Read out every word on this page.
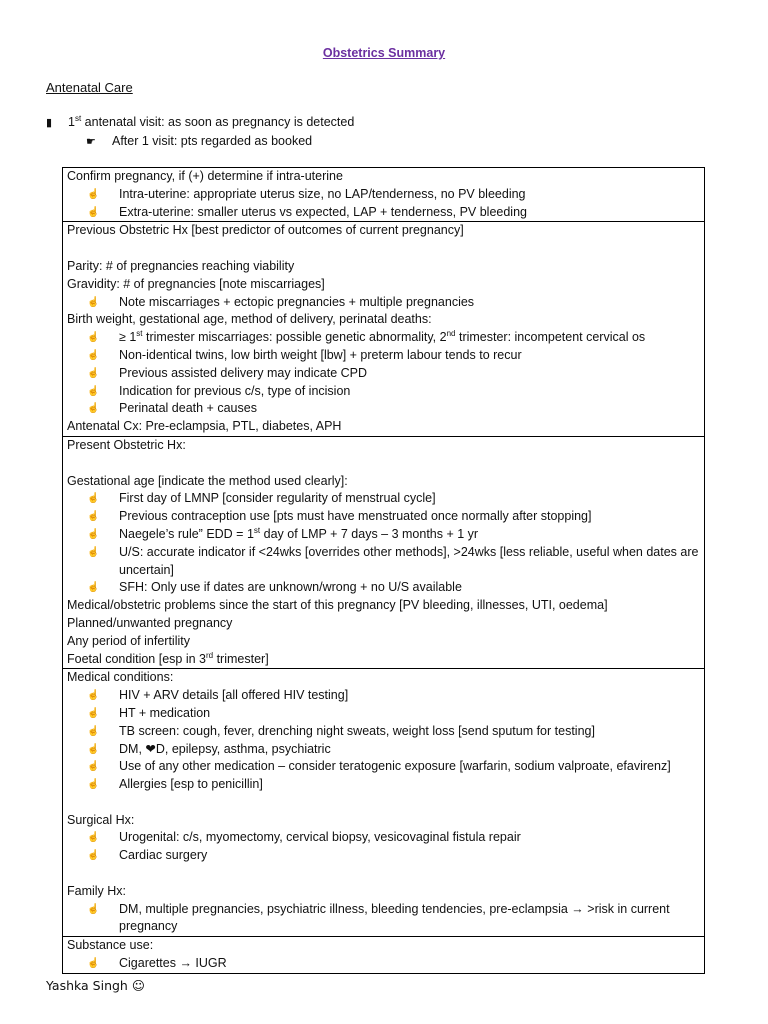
Obstetrics Summary
Antenatal Care
▮ 1st antenatal visit: as soon as pregnancy is detected
☛ After 1 visit: pts regarded as booked
Confirm pregnancy, if (+) determine if intra-uterine
☝	Intra-uterine: appropriate uterus size, no LAP/tenderness, no PV bleeding
☝	Extra-uterine: smaller uterus vs expected, LAP + tenderness, PV bleeding

Previous Obstetric Hx [best predictor of outcomes of current pregnancy]
Parity: # of pregnancies reaching viability
Gravidity: # of pregnancies [note miscarriages]
☝	Note miscarriages + ectopic pregnancies + multiple pregnancies
Birth weight, gestational age, method of delivery, perinatal deaths:
☝	≥ 1st trimester miscarriages: possible genetic abnormality, 2nd trimester: incompetent cervical os
☝	Non-identical twins, low birth weight [lbw] + preterm labour tends to recur
☝	Previous assisted delivery may indicate CPD
☝	Indication for previous c/s, type of incision
☝	Perinatal death + causes
Antenatal Cx: Pre-eclampsia, PTL, diabetes, APH

Present Obstetric Hx:
Gestational age [indicate the method used clearly]:
☝	First day of LMNP [consider regularity of menstrual cycle]
☝	Previous contraception use [pts must have menstruated once normally after stopping]
☝	Naegele’s rule” EDD = 1st day of LMP + 7 days – 3 months + 1 yr
☝	U/S: accurate indicator if <24wks [overrides other methods], >24wks [less reliable, useful when dates are uncertain]
☝	SFH: Only use if dates are unknown/wrong + no U/S available
Medical/obstetric problems since the start of this pregnancy [PV bleeding, illnesses, UTI, oedema]
Planned/unwanted pregnancy
Any period of infertility
Foetal condition [esp in 3rd trimester]

Medical conditions:
☝	HIV + ARV details [all offered HIV testing]
☝	HT + medication
☝	TB screen: cough, fever, drenching night sweats, weight loss [send sputum for testing]
☝	DM, ❤D, epilepsy, asthma, psychiatric
☝	Use of any other medication – consider teratogenic exposure [warfarin, sodium valproate, efavirenz]
☝	Allergies [esp to penicillin]
Surgical Hx:
☝	Urogenital: c/s, myomectomy, cervical biopsy, vesicovaginal fistula repair
☝	Cardiac surgery
Family Hx:
☝	DM, multiple pregnancies, psychiatric illness, bleeding tendencies, pre-eclampsia → >risk in current pregnancy

Substance use:
☝	Cigarettes → IUGR
Yashka Singh ☺
